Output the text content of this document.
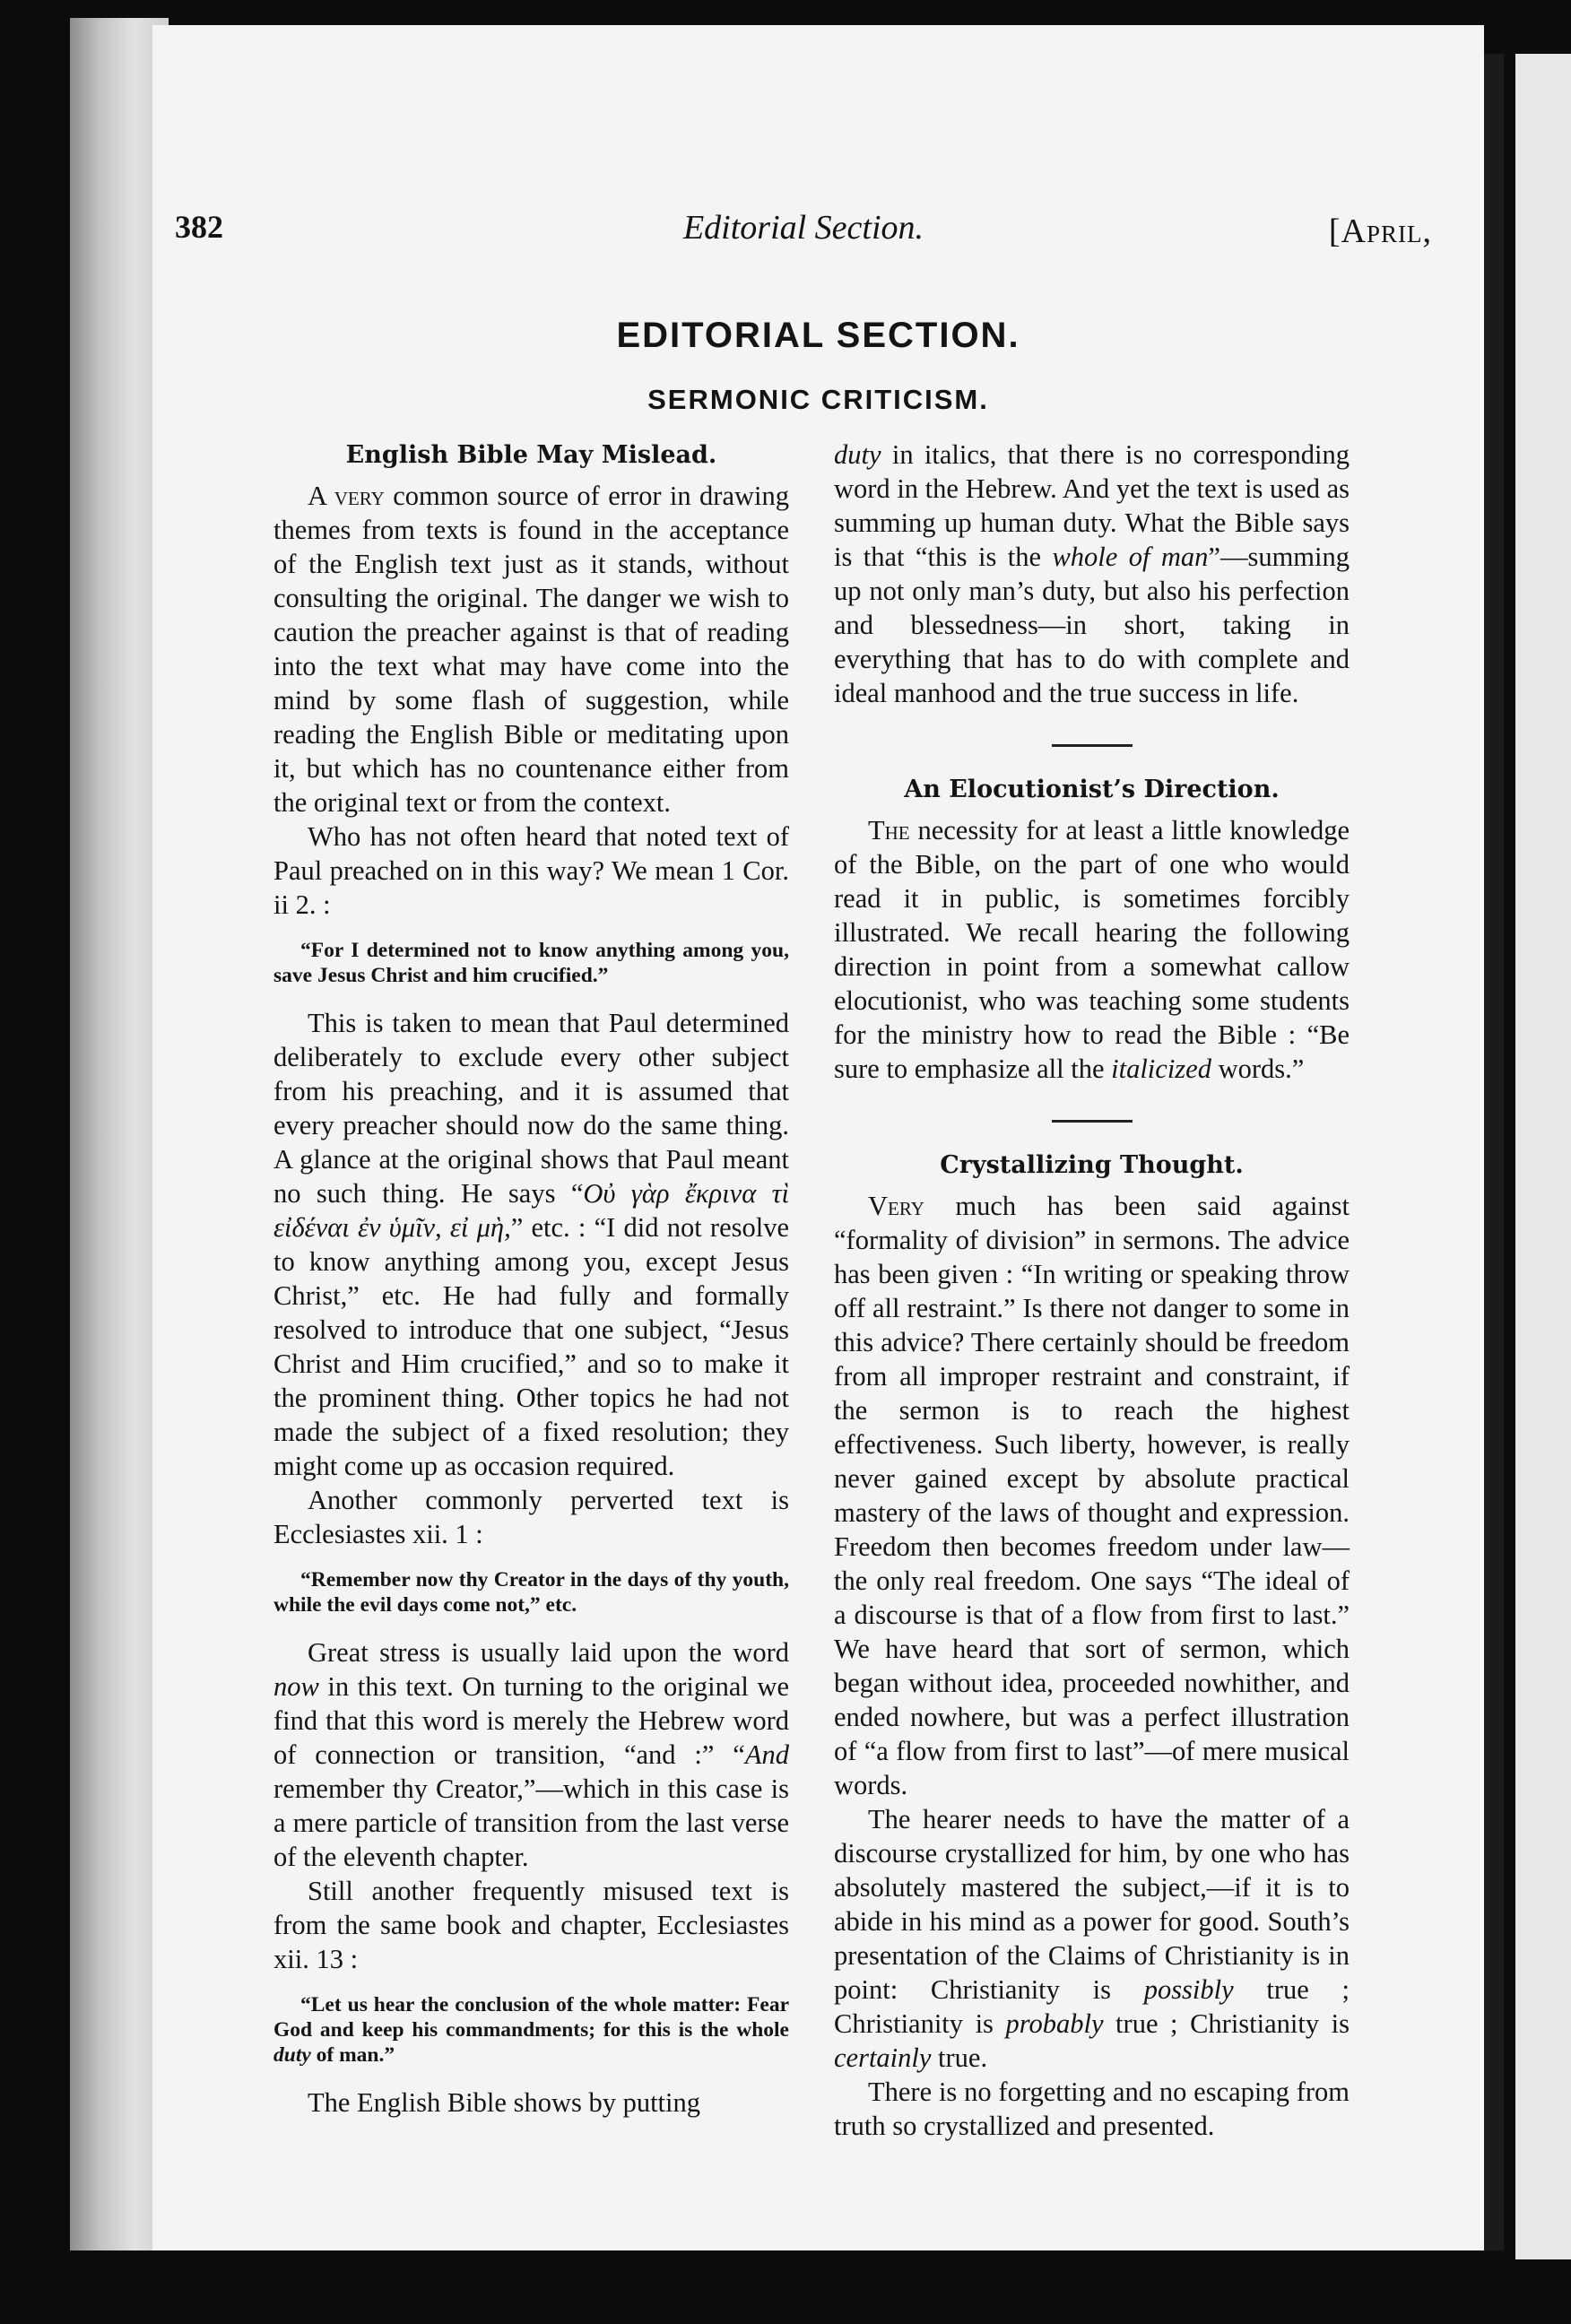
382	Editorial Section.	[April,
EDITORIAL SECTION.
SERMONIC CRITICISM.
English Bible May Mislead.

A very common source of error in drawing themes from texts is found in the acceptance of the English text just as it stands, without consulting the original. The danger we wish to caution the preacher against is that of reading into the text what may have come into the mind by some flash of suggestion, while reading the English Bible or meditating upon it, but which has no countenance either from the original text or from the context.

Who has not often heard that noted text of Paul preached on in this way? We mean 1 Cor. ii 2. :

“For I determined not to know anything among you, save Jesus Christ and him crucified.”

This is taken to mean that Paul determined deliberately to exclude every other subject from his preaching, and it is assumed that every preacher should now do the same thing. A glance at the original shows that Paul meant no such thing. He says “Οὐ γὰρ ἔκρινα τὶ εἰδέναι ἐν ὑμῖν, εἰ μὴ,” etc. : “I did not resolve to know anything among you, except Jesus Christ,” etc. He had fully and formally resolved to introduce that one subject, “Jesus Christ and Him crucified,” and so to make it the prominent thing. Other topics he had not made the subject of a fixed resolution; they might come up as occasion required.

Another commonly perverted text is Ecclesiastes xii. 1 :

“Remember now thy Creator in the days of thy youth, while the evil days come not,” etc.

Great stress is usually laid upon the word now in this text. On turning to the original we find that this word is merely the Hebrew word of connection or transition, “and :” “And remember thy Creator,”—which in this case is a mere particle of transition from the last verse of the eleventh chapter.

Still another frequently misused text is from the same book and chapter, Ecclesiastes xii. 13 :

“Let us hear the conclusion of the whole matter: Fear God and keep his commandments; for this is the whole duty of man.”

The English Bible shows by putting

duty in italics, that there is no corresponding word in the Hebrew. And yet the text is used as summing up human duty. What the Bible says is that “this is the whole of man”—summing up not only man’s duty, but also his perfection and blessedness—in short, taking in everything that has to do with complete and ideal manhood and the true success in life.

An Elocutionist’s Direction.

The necessity for at least a little knowledge of the Bible, on the part of one who would read it in public, is sometimes forcibly illustrated. We recall hearing the following direction in point from a somewhat callow elocutionist, who was teaching some students for the ministry how to read the Bible : “Be sure to emphasize all the italicized words.”

Crystallizing Thought.

Very much has been said against “formality of division” in sermons. The advice has been given : “In writing or speaking throw off all restraint.” Is there not danger to some in this advice? There certainly should be freedom from all improper restraint and constraint, if the sermon is to reach the highest effectiveness. Such liberty, however, is really never gained except by absolute practical mastery of the laws of thought and expression. Freedom then becomes freedom under law—the only real freedom. One says “The ideal of a discourse is that of a flow from first to last.” We have heard that sort of sermon, which began without idea, proceeded nowhither, and ended nowhere, but was a perfect illustration of “a flow from first to last”—of mere musical words.

The hearer needs to have the matter of a discourse crystallized for him, by one who has absolutely mastered the subject,—if it is to abide in his mind as a power for good. South’s presentation of the Claims of Christianity is in point: Christianity is possibly true ; Christianity is probably true ; Christianity is certainly true.

There is no forgetting and no escaping from truth so crystallized and presented.
